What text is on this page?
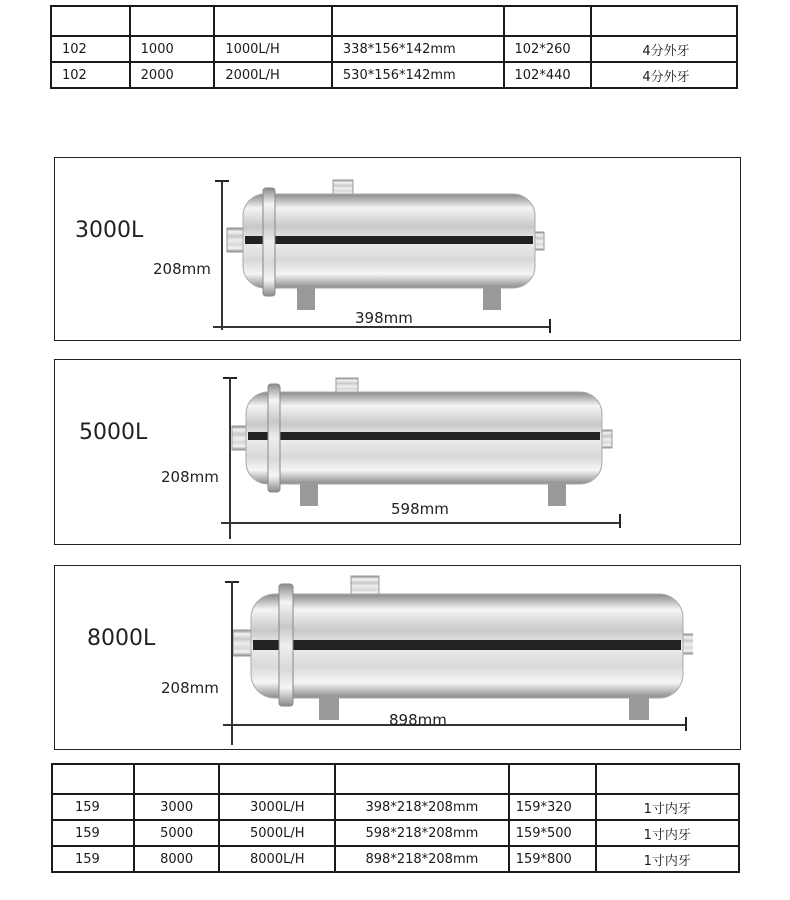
102	1000	1000L/H	338*156*142mm	102*260	4分外牙
102	2000	2000L/H	530*156*142mm	102*440	4分外牙
3000L
208mm
398mm
5000L
208mm
598mm
8000L
208mm
898mm

159	3000	3000L/H	398*218*208mm	159*320	1寸内牙
159	5000	5000L/H	598*218*208mm	159*500	1寸内牙
159	8000	8000L/H	898*218*208mm	159*800	1寸内牙
